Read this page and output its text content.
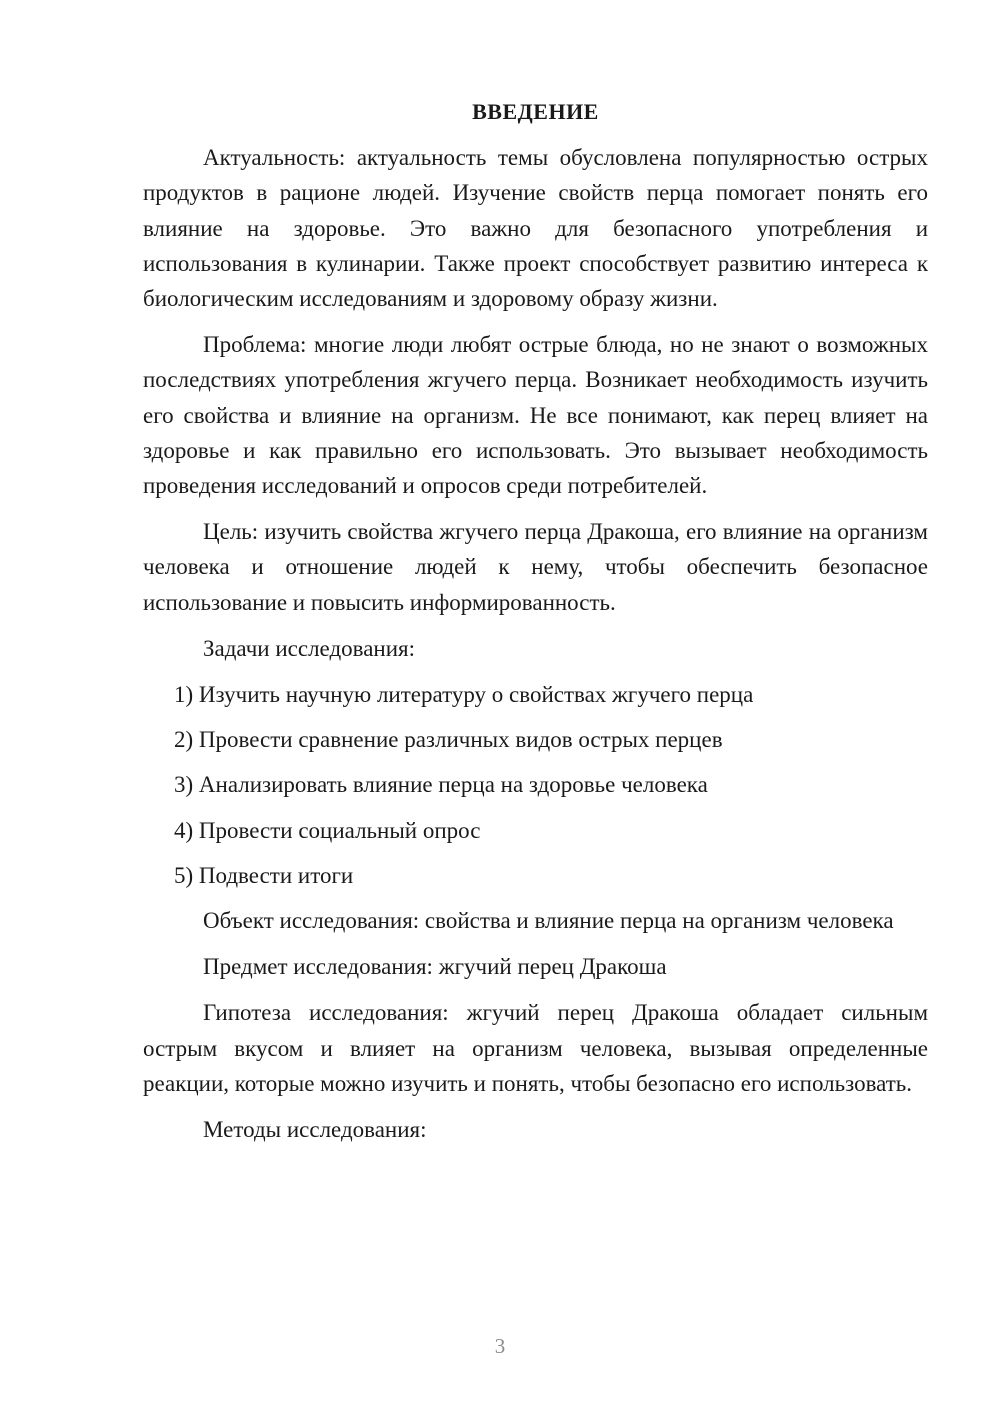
ВВЕДЕНИЕ

Актуальность: актуальность темы обусловлена популярностью острых продуктов в рационе людей. Изучение свойств перца помогает понять его влияние на здоровье. Это важно для безопасного употребления и использования в кулинарии. Также проект способствует развитию интереса к биологическим исследованиям и здоровому образу жизни.

Проблема: многие люди любят острые блюда, но не знают о возможных последствиях употребления жгучего перца. Возникает необходимость изучить его свойства и влияние на организм. Не все понимают, как перец влияет на здоровье и как правильно его использовать. Это вызывает необходимость проведения исследований и опросов среди потребителей.

Цель: изучить свойства жгучего перца Дракоша, его влияние на организм человека и отношение людей к нему, чтобы обеспечить безопасное использование и повысить информированность.

Задачи исследования:
1) Изучить научную литературу о свойствах жгучего перца
2) Провести сравнение различных видов острых перцев
3) Анализировать влияние перца на здоровье человека
4) Провести социальный опрос
5) Подвести итоги

Объект исследования: свойства и влияние перца на организм человека

Предмет исследования: жгучий перец Дракоша

Гипотеза исследования: жгучий перец Дракоша обладает сильным острым вкусом и влияет на организм человека, вызывая определенные реакции, которые можно изучить и понять, чтобы безопасно его использовать.

Методы исследования:
3
